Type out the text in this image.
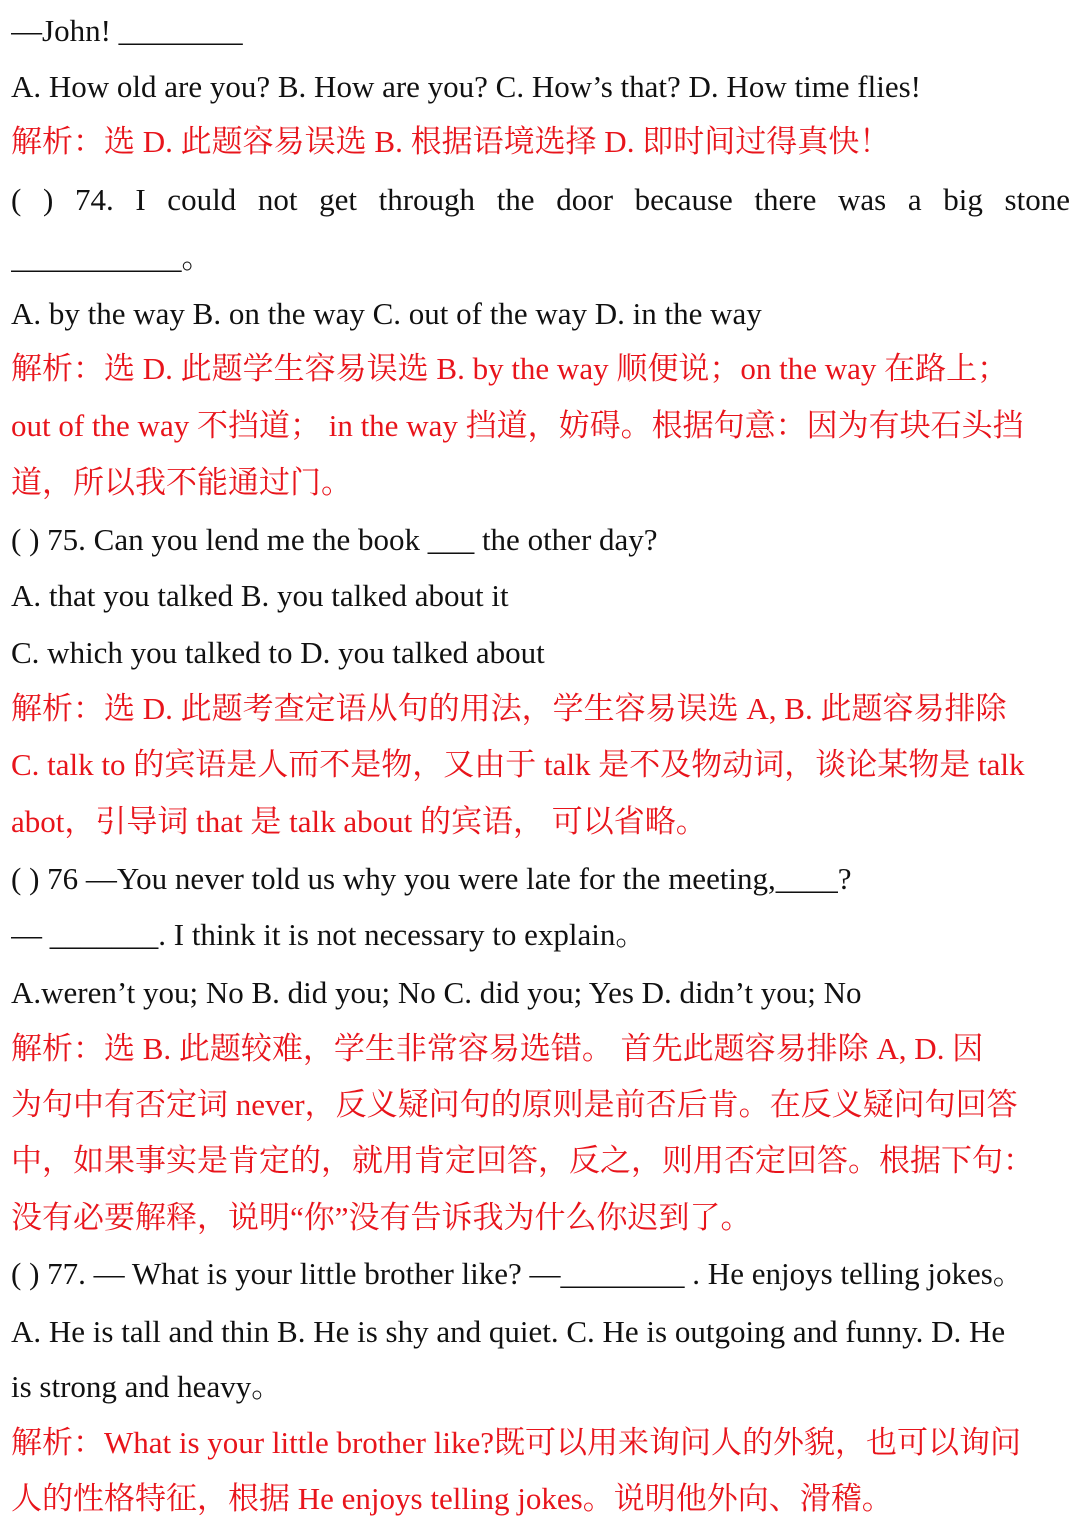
—John! ________
A. How old are you? B. How are you? C. How’s that? D. How time flies!
解析：选 D. 此题容易误选 B. 根据语境选择 D. 即时间过得真快！
( ) 74. I could not get through the door because there was a big stone
___________。
A. by the way B. on the way C. out of the way D. in the way
解析：选 D. 此题学生容易误选 B. by the way 顺便说；on the way 在路上；
out of the way 不挡道； in the way 挡道，妨碍。根据句意：因为有块石头挡
道，所以我不能通过门。
( ) 75. Can you lend me the book ___ the other day?
A. that you talked B. you talked about it
C. which you talked to D. you talked about
解析：选 D. 此题考查定语从句的用法，学生容易误选 A, B. 此题容易排除
C. talk to 的宾语是人而不是物，又由于 talk 是不及物动词，谈论某物是 talk
abot，引导词 that 是 talk about 的宾语， 可以省略。
( ) 76 —You never told us why you were late for the meeting,____?
— _______. I think it is not necessary to explain。
A.weren’t you; No B. did you; No C. did you; Yes D. didn’t you; No
解析：选 B. 此题较难，学生非常容易选错。 首先此题容易排除 A, D. 因
为句中有否定词 never，反义疑问句的原则是前否后肯。在反义疑问句回答
中，如果事实是肯定的，就用肯定回答，反之，则用否定回答。根据下句：
没有必要解释，说明“你”没有告诉我为什么你迟到了。
( ) 77. — What is your little brother like? —________ . He enjoys telling jokes。
A. He is tall and thin B. He is shy and quiet. C. He is outgoing and funny. D. He
is strong and heavy。
解析：What is your little brother like?既可以用来询问人的外貌，也可以询问
人的性格特征，根据 He enjoys telling jokes。说明他外向、滑稽。
